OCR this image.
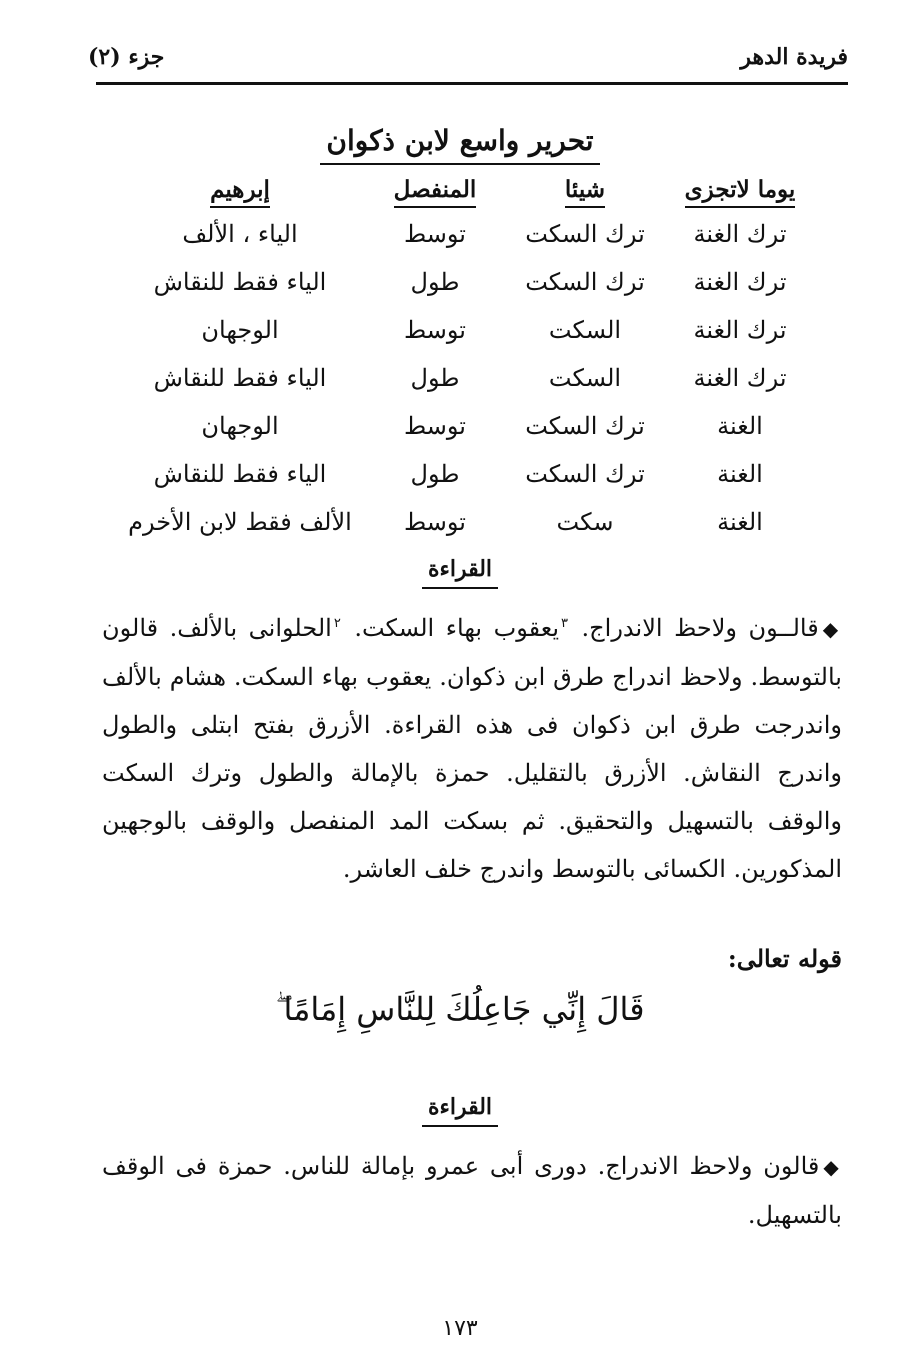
فريدة الدهر
جزء (٢)
تحرير واسع لابن ذكوان
يوما لاتجزى
شيئا
المنفصل
إبرهيم
ترك الغنة
ترك السكت
توسط
الياء ، الألف
ترك الغنة
ترك السكت
طول
الياء فقط للنقاش
ترك الغنة
السكت
توسط
الوجهان
ترك الغنة
السكت
طول
الياء فقط للنقاش
الغنة
ترك السكت
توسط
الوجهان
الغنة
ترك السكت
طول
الياء فقط للنقاش
الغنة
سكت
توسط
الألف فقط لابن الأخرم
القراءة
◆قالــون ولاحظ الاندراج. $^٣$يعقوب بهاء السكت. $^٢$الحلوانى بالألف. قالون بالتوسط. ولاحظ اندراج طرق ابن ذكوان. يعقوب بهاء السكت. هشام بالألف واندرجت طرق ابن ذكوان فى هذه القراءة. الأزرق بفتح ابتلى والطول واندرج النقاش. الأزرق بالتقليل. حمزة بالإمالة والطول وترك السكت والوقف بالتسهيل والتحقيق. ثم بسكت المد المنفصل والوقف بالوجهين المذكورين. الكسائى بالتوسط واندرج خلف العاشر.
قوله تعالى:
قَالَ إِنِّي جَاعِلُكَ لِلنَّاسِ إِمَامًا ۖ
القراءة
◆قالون ولاحظ الاندراج. دورى أبى عمرو بإمالة للناس. حمزة فى الوقف بالتسهيل.
١٧٣
